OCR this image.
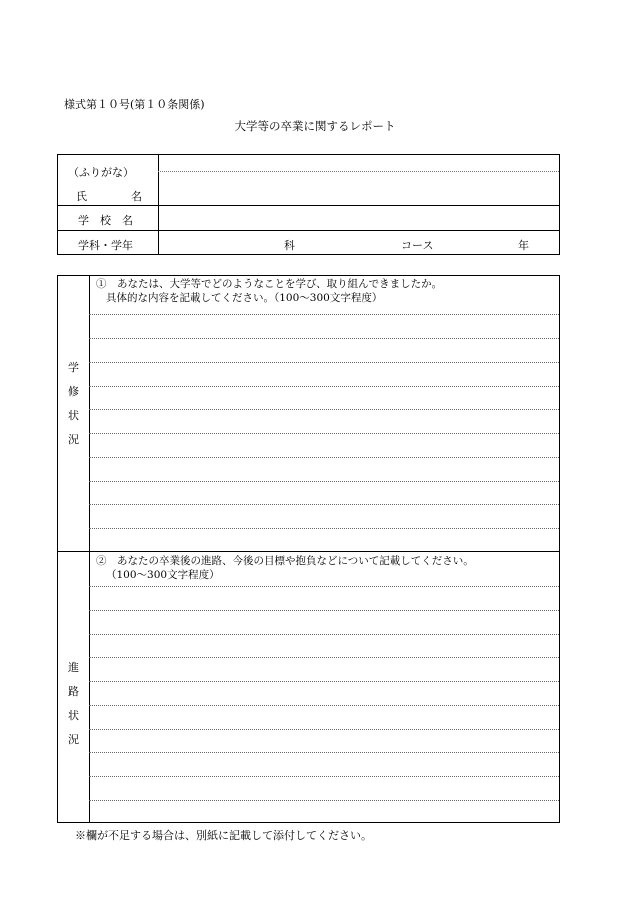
様式第１０号(第１０条関係)
大学等の卒業に関するレポート
（ふりがな）
氏	名
学　校　名
学科・学年	科	コース	年
①　あなたは、大学等でどのようなことを学び、取り組んできましたか。
具体的な内容を記載してください。（100～300文字程度）
学
修
状
況
②　あなたの卒業後の進路、今後の目標や抱負などについて記載してください。
（100～300文字程度）
進
路
状
況
※欄が不足する場合は、別紙に記載して添付してください。
